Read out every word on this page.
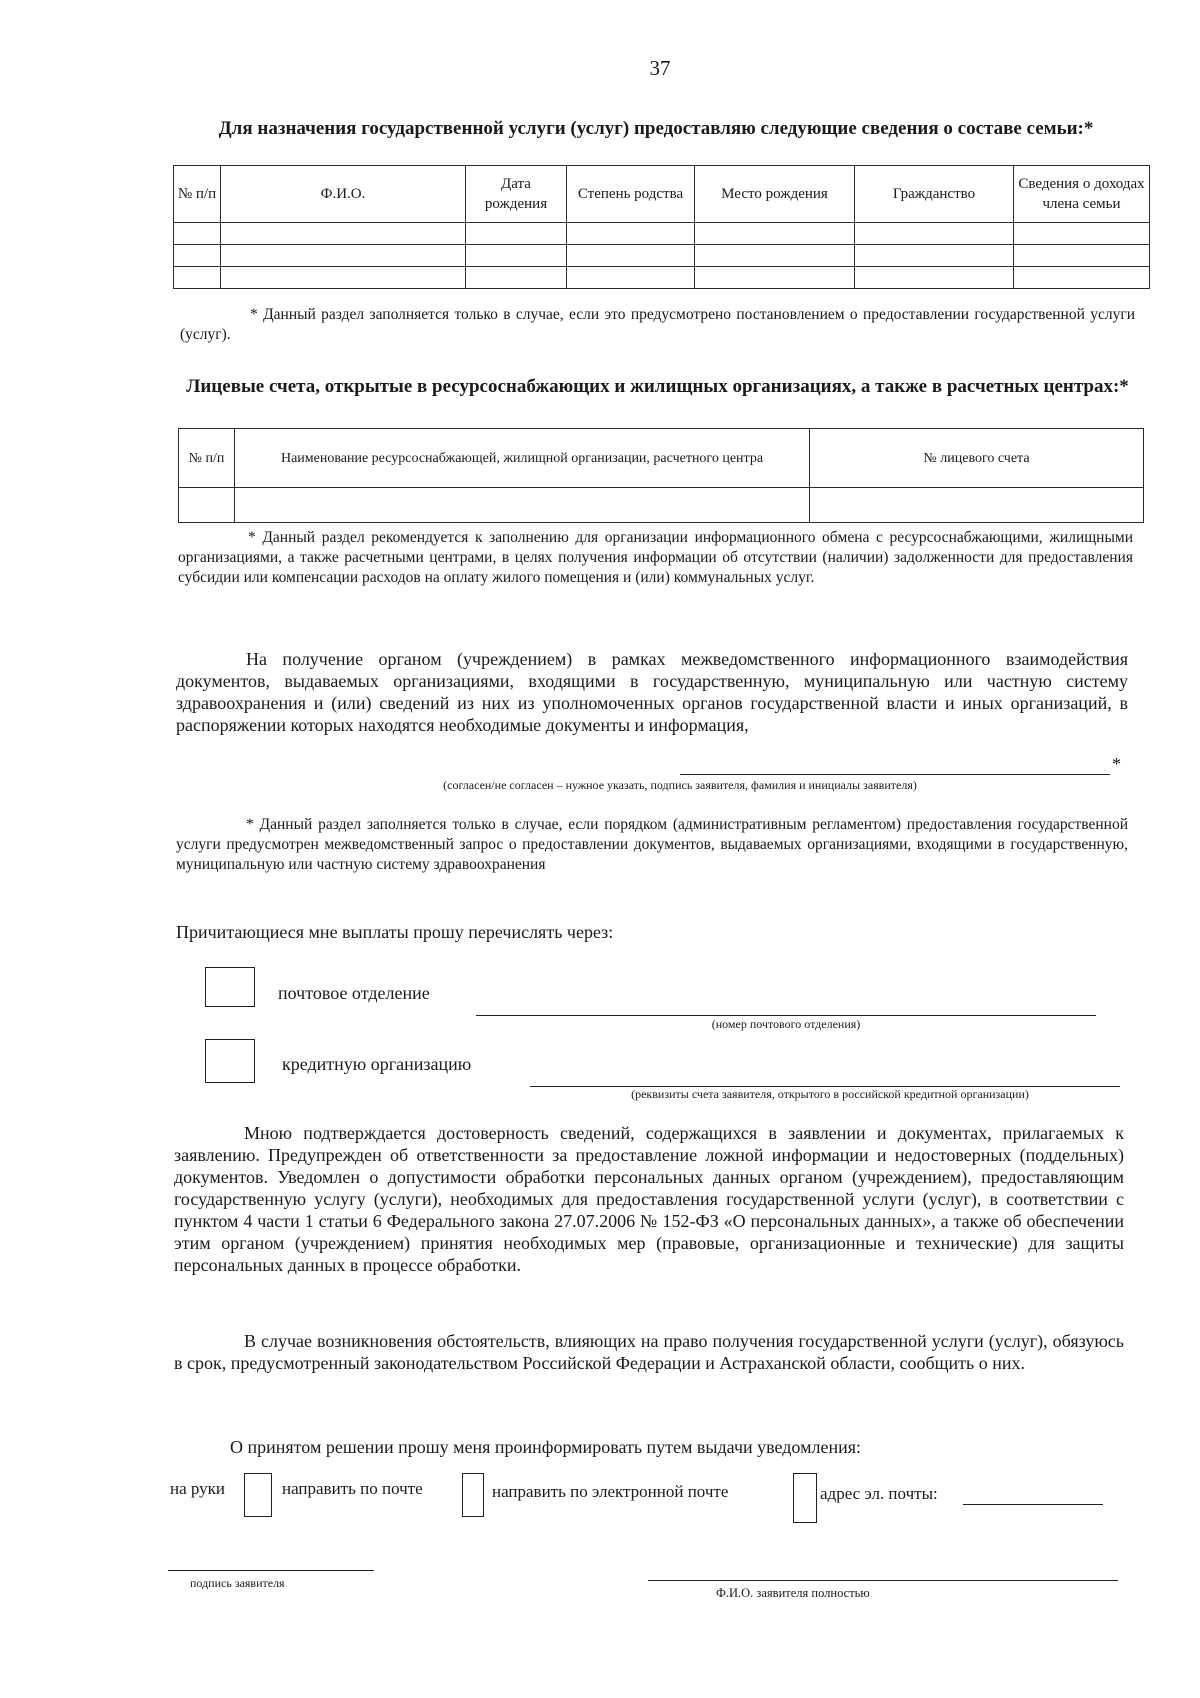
37
Для назначения государственной услуги (услуг) предоставляю следующие сведения о составе семьи:*
№ п/п	Ф.И.О.	Дата рождения	Степень родства	Место рождения	Гражданство	Сведения о доходах члена семьи

* Данный раздел заполняется только в случае, если это предусмотрено постановлением о предоставлении государственной услуги (услуг).
Лицевые счета, открытые в ресурсоснабжающих и жилищных организациях, а также в расчетных центрах:*
№ п/п	Наименование ресурсоснабжающей, жилищной организации, расчетного центра	№ лицевого счета

* Данный раздел рекомендуется к заполнению для организации информационного обмена с ресурсоснабжающими, жилищными организациями, а также расчетными центрами, в целях получения информации об отсутствии (наличии) задолженности для предоставления субсидии или компенсации расходов на оплату жилого помещения и (или) коммунальных услуг.
На получение органом (учреждением) в рамках межведомственного информационного взаимодействия документов, выдаваемых организациями, входящими в государственную, муниципальную или частную систему здравоохранения и (или) сведений из них из уполномоченных органов государственной власти и иных организаций, в распоряжении которых находятся необходимые документы и информация,
*
(согласен/не согласен – нужное указать, подпись заявителя, фамилия и инициалы заявителя)
* Данный раздел заполняется только в случае, если порядком (административным регламентом) предоставления государственной услуги предусмотрен межведомственный запрос о предоставлении документов, выдаваемых организациями, входящими в государственную, муниципальную или частную систему здравоохранения
Причитающиеся мне выплаты прошу перечислять через:
почтовое отделение
(номер почтового отделения)
кредитную организацию
(реквизиты счета заявителя, открытого в российской кредитной организации)
Мною подтверждается достоверность сведений, содержащихся в заявлении и документах, прилагаемых к заявлению. Предупрежден об ответственности за предоставление ложной информации и недостоверных (поддельных) документов. Уведомлен о допустимости обработки персональных данных органом (учреждением), предоставляющим государственную услугу (услуги), необходимых для предоставления государственной услуги (услуг), в соответствии с пунктом 4 части 1 статьи 6 Федерального закона 27.07.2006 № 152-ФЗ «О персональных данных», а также об обеспечении этим органом (учреждением) принятия необходимых мер (правовые, организационные и технические) для защиты персональных данных в процессе обработки.
В случае возникновения обстоятельств, влияющих на право получения государственной услуги (услуг), обязуюсь в срок, предусмотренный законодательством Российской Федерации и Астраханской области, сообщить о них.
О принятом решении прошу меня проинформировать путем выдачи уведомления:
на руки	направить по почте	направить по электронной почте	адрес эл. почты:
подпись заявителя
Ф.И.О. заявителя полностью
